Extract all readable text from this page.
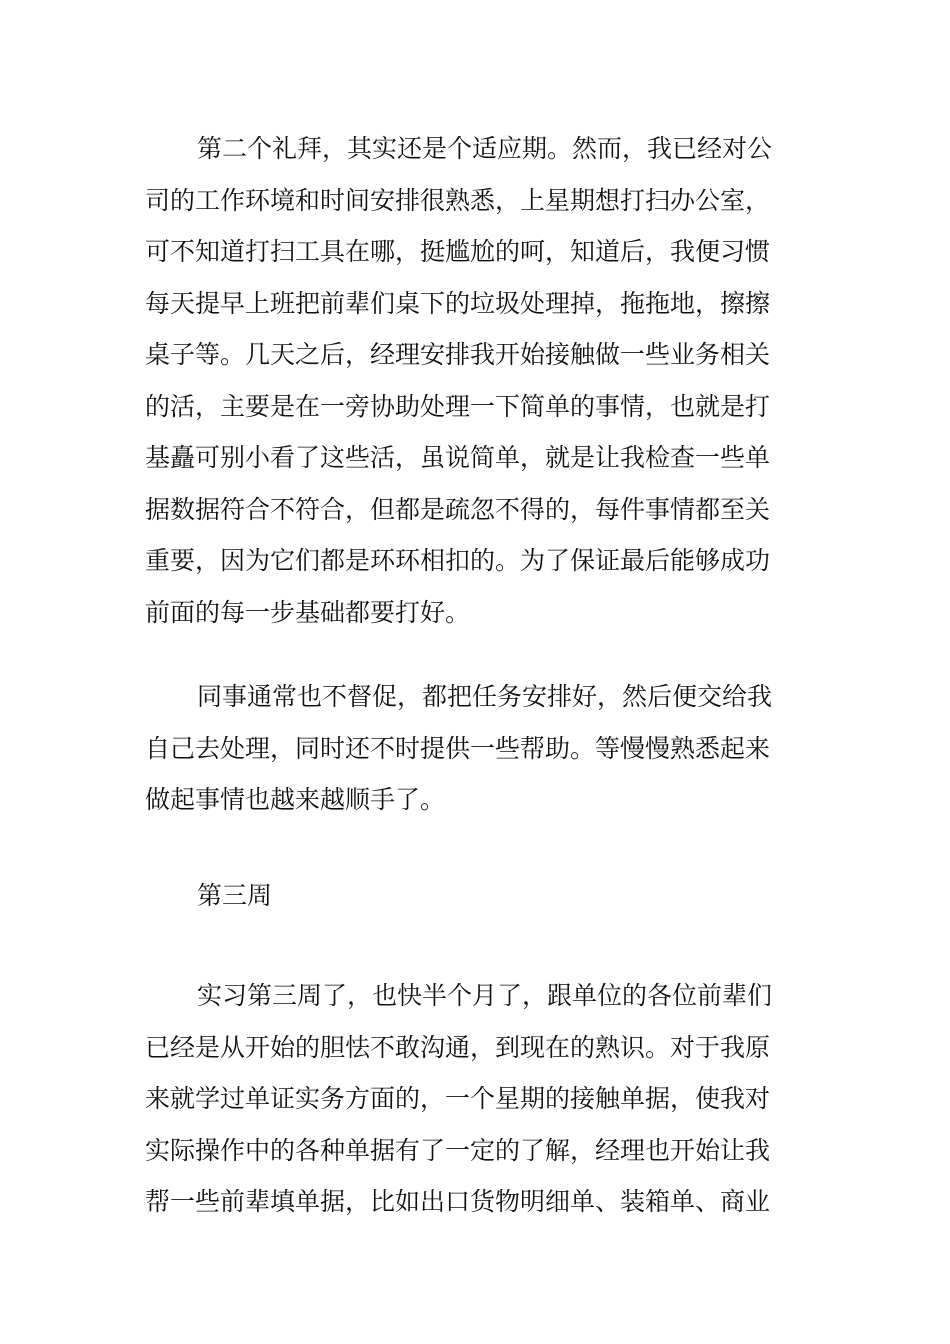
第二个礼拜，其实还是个适应期。然而，我已经对公
司的工作环境和时间安排很熟悉，上星期想打扫办公室，
可不知道打扫工具在哪，挺尴尬的呵，知道后，我便习惯
每天提早上班把前辈们桌下的垃圾处理掉，拖拖地，擦擦
桌子等。几天之后，经理安排我开始接触做一些业务相关
的活，主要是在一旁协助处理一下简单的事情，也就是打
基矗可别小看了这些活，虽说简单，就是让我检查一些单
据数据符合不符合，但都是疏忽不得的，每件事情都至关
重要，因为它们都是环环相扣的。为了保证最后能够成功
前面的每一步基础都要打好。

同事通常也不督促，都把任务安排好，然后便交给我
自己去处理，同时还不时提供一些帮助。等慢慢熟悉起来
做起事情也越来越顺手了。

第三周

实习第三周了，也快半个月了，跟单位的各位前辈们
已经是从开始的胆怯不敢沟通，到现在的熟识。对于我原
来就学过单证实务方面的，一个星期的接触单据，使我对
实际操作中的各种单据有了一定的了解，经理也开始让我
帮一些前辈填单据，比如出口货物明细单、装箱单、商业
